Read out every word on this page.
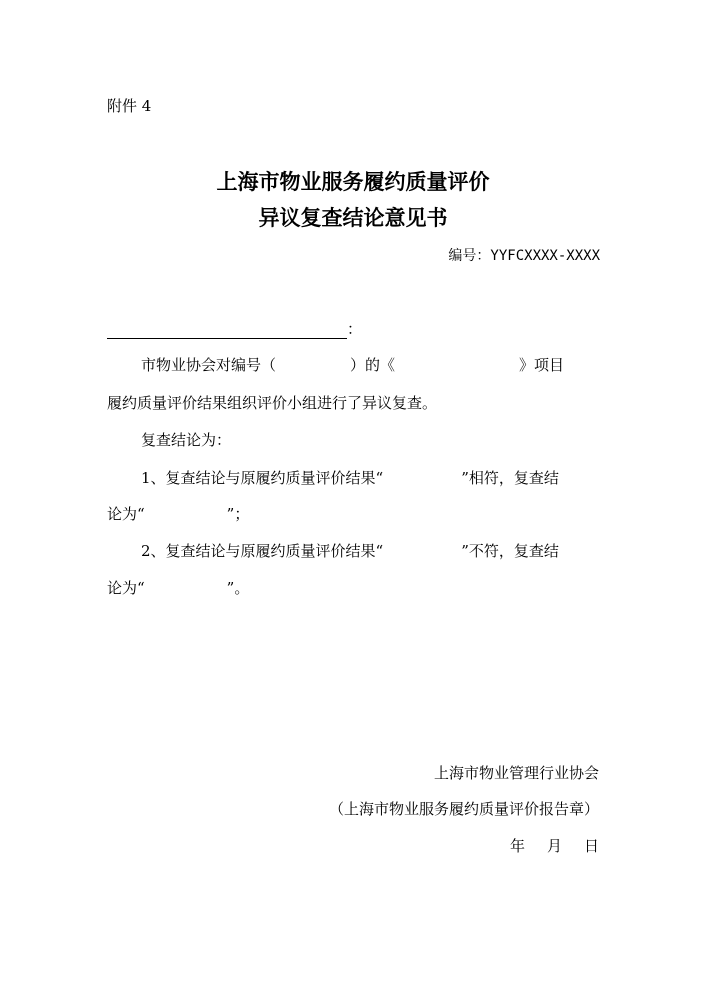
附件 4
上海市物业服务履约质量评价
异议复查结论意见书
编号：YYFCXXXX-XXXX
：
市物业协会对编号（	）的《	》项目
履约质量评价结果组织评价小组进行了异议复查。
复查结论为：
1、复查结论与原履约质量评价结果“	”相符，复查结
论为“	”；
2、复查结论与原履约质量评价结果“	”不符，复查结
论为“	”。
上海市物业管理行业协会
（上海市物业服务履约质量评价报告章）
年 月 日
